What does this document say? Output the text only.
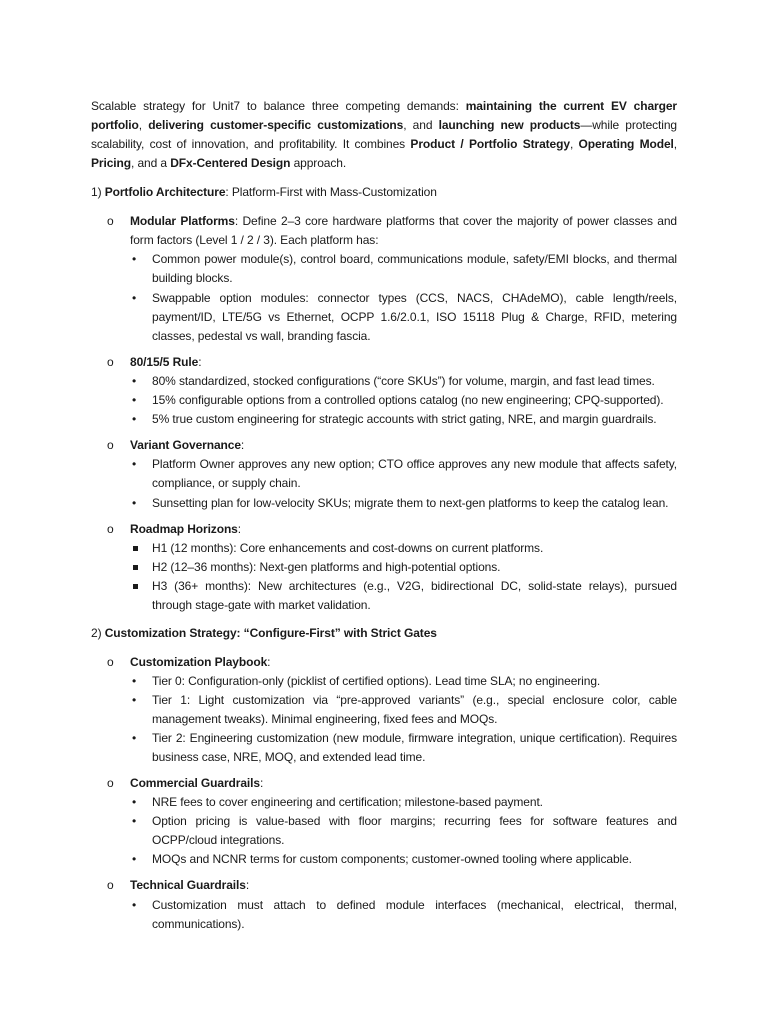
Scalable strategy for Unit7 to balance three competing demands: maintaining the current EV charger portfolio, delivering customer-specific customizations, and launching new products—while protecting scalability, cost of innovation, and profitability. It combines Product / Portfolio Strategy, Operating Model, Pricing, and a DFx-Centered Design approach.

1) Portfolio Architecture: Platform-First with Mass-Customization
o Modular Platforms: Define 2–3 core hardware platforms that cover the majority of power classes and form factors (Level 1 / 2 / 3). Each platform has:
• Common power module(s), control board, communications module, safety/EMI blocks, and thermal building blocks.
• Swappable option modules: connector types (CCS, NACS, CHAdeMO), cable length/reels, payment/ID, LTE/5G vs Ethernet, OCPP 1.6/2.0.1, ISO 15118 Plug & Charge, RFID, metering classes, pedestal vs wall, branding fascia.
o 80/15/5 Rule:
• 80% standardized, stocked configurations (“core SKUs”) for volume, margin, and fast lead times.
• 15% configurable options from a controlled options catalog (no new engineering; CPQ-supported).
• 5% true custom engineering for strategic accounts with strict gating, NRE, and margin guardrails.
o Variant Governance:
• Platform Owner approves any new option; CTO office approves any new module that affects safety, compliance, or supply chain.
• Sunsetting plan for low-velocity SKUs; migrate them to next-gen platforms to keep the catalog lean.
o Roadmap Horizons:
H1 (12 months): Core enhancements and cost-downs on current platforms.
H2 (12–36 months): Next-gen platforms and high-potential options.
H3 (36+ months): New architectures (e.g., V2G, bidirectional DC, solid-state relays), pursued through stage-gate with market validation.
2) Customization Strategy: “Configure-First” with Strict Gates
o Customization Playbook:
• Tier 0: Configuration-only (picklist of certified options). Lead time SLA; no engineering.
• Tier 1: Light customization via “pre-approved variants” (e.g., special enclosure color, cable management tweaks). Minimal engineering, fixed fees and MOQs.
• Tier 2: Engineering customization (new module, firmware integration, unique certification). Requires business case, NRE, MOQ, and extended lead time.
o Commercial Guardrails:
• NRE fees to cover engineering and certification; milestone-based payment.
• Option pricing is value-based with floor margins; recurring fees for software features and OCPP/cloud integrations.
• MOQs and NCNR terms for custom components; customer-owned tooling where applicable.
o Technical Guardrails:
• Customization must attach to defined module interfaces (mechanical, electrical, thermal, communications).
